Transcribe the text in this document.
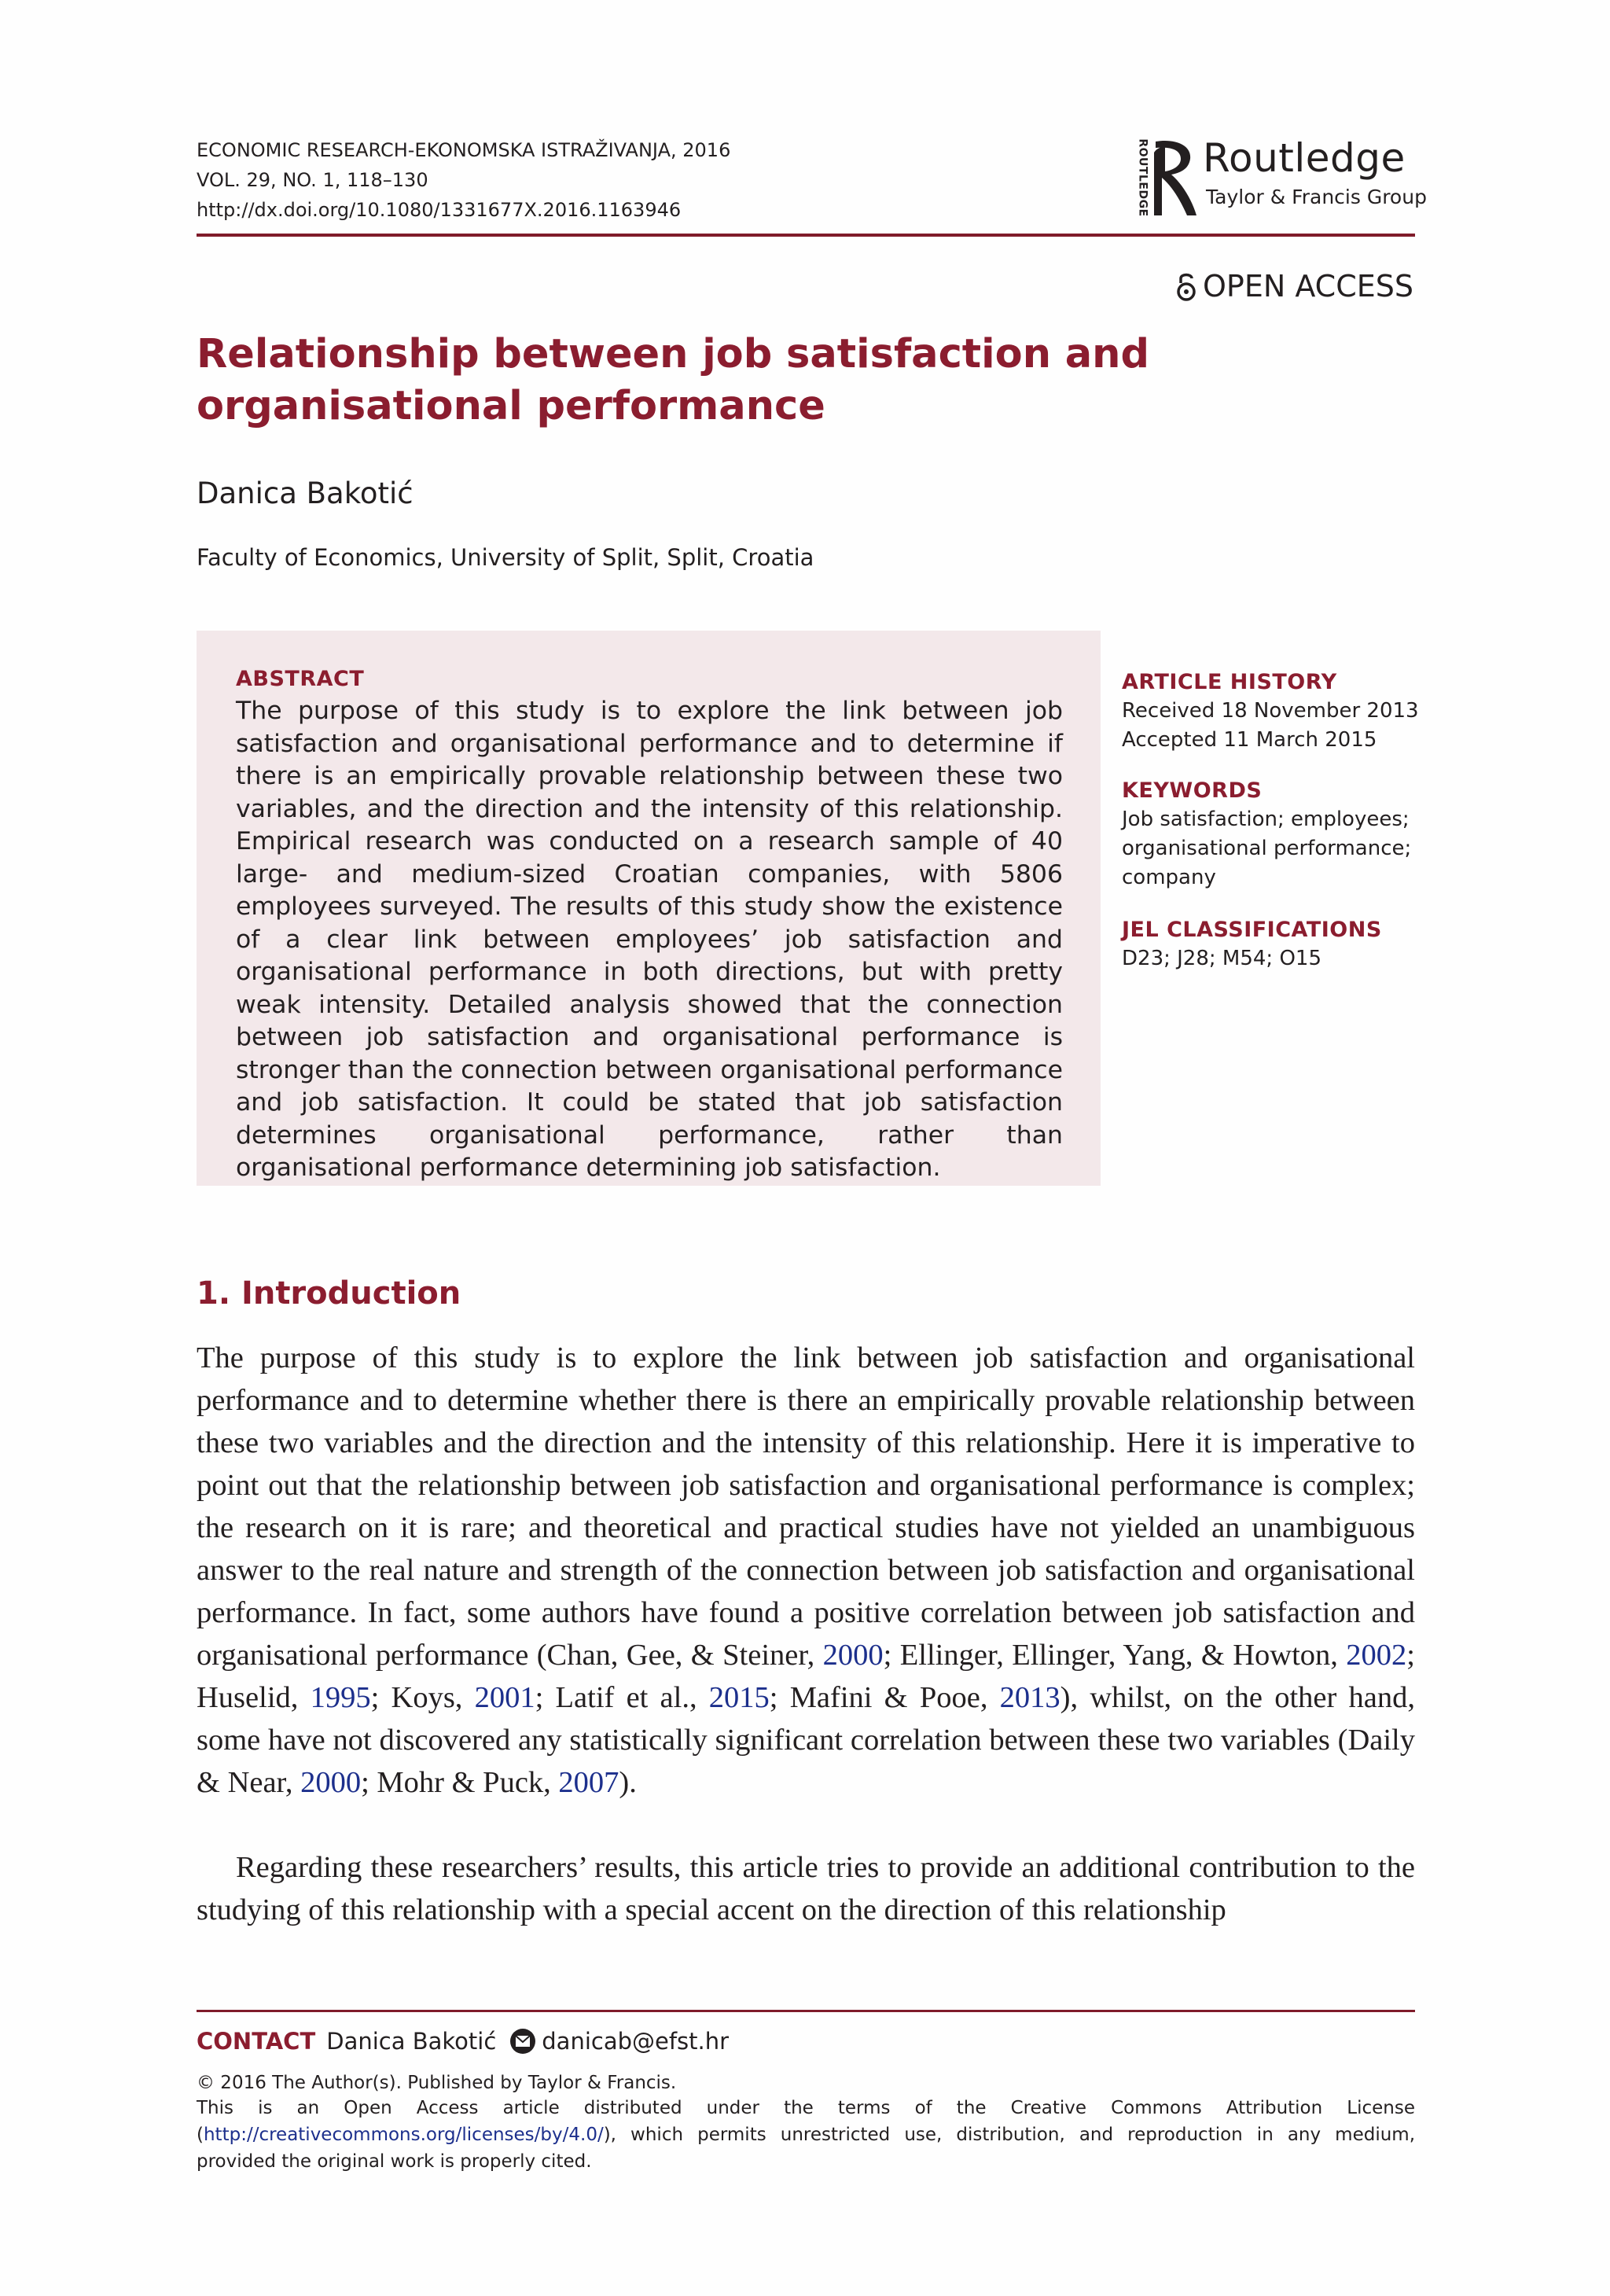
ECONOMIC RESEARCH-EKONOMSKA ISTRAŽIVANJA, 2016
VOL. 29, NO. 1, 118–130
http://dx.doi.org/10.1080/1331677X.2016.1163946	ROUTLEDGE Routledge
Taylor & Francis Group
OPEN ACCESS
Relationship between job satisfaction and organisational performance
Danica Bakotić
Faculty of Economics, University of Split, Split, Croatia
ABSTRACT

The purpose of this study is to explore the link between job satisfaction and organisational performance and to determine if there is an empirically provable relationship between these two variables, and the direction and the intensity of this relationship. Empirical research was conducted on a research sample of 40 large- and medium-sized Croatian companies, with 5806 employees surveyed. The results of this study show the existence of a clear link between employees’ job satisfaction and organisational performance in both directions, but with pretty weak intensity. Detailed analysis showed that the connection between job satisfaction and organisational performance is stronger than the connection between organisational performance and job satisfaction. It could be stated that job satisfaction determines organisational performance, rather than organisational performance determining job satisfaction.

ARTICLE HISTORY
Received 18 November 2013
Accepted 11 March 2015
KEYWORDS
Job satisfaction; employees; organisational performance; company
JEL CLASSIFICATIONS
D23; J28; M54; O15
1. Introduction

The purpose of this study is to explore the link between job satisfaction and organisational performance and to determine whether there is there an empirically provable relationship between these two variables and the direction and the intensity of this relationship. Here it is imperative to point out that the relationship between job satisfaction and organisational performance is complex; the research on it is rare; and theoretical and practical studies have not yielded an unambiguous answer to the real nature and strength of the connection between job satisfaction and organisational performance. In fact, some authors have found a positive correlation between job satisfaction and organisational performance (Chan, Gee, & Steiner, 2000; Ellinger, Ellinger, Yang, & Howton, 2002; Huselid, 1995; Koys, 2001; Latif et al., 2015; Mafini & Pooe, 2013), whilst, on the other hand, some have not discovered any statistically significant correlation between these two variables (Daily & Near, 2000; Mohr & Puck, 2007).

Regarding these researchers’ results, this article tries to provide an additional contribution to the studying of this relationship with a special accent on the direction of this relationship

CONTACT Danica Bakotić danicab@efst.hr
© 2016 The Author(s). Published by Taylor & Francis.

This is an Open Access article distributed under the terms of the Creative Commons Attribution License (http://creativecommons.org/licenses/by/4.0/), which permits unrestricted use, distribution, and reproduction in any medium, provided the original work is properly cited.
